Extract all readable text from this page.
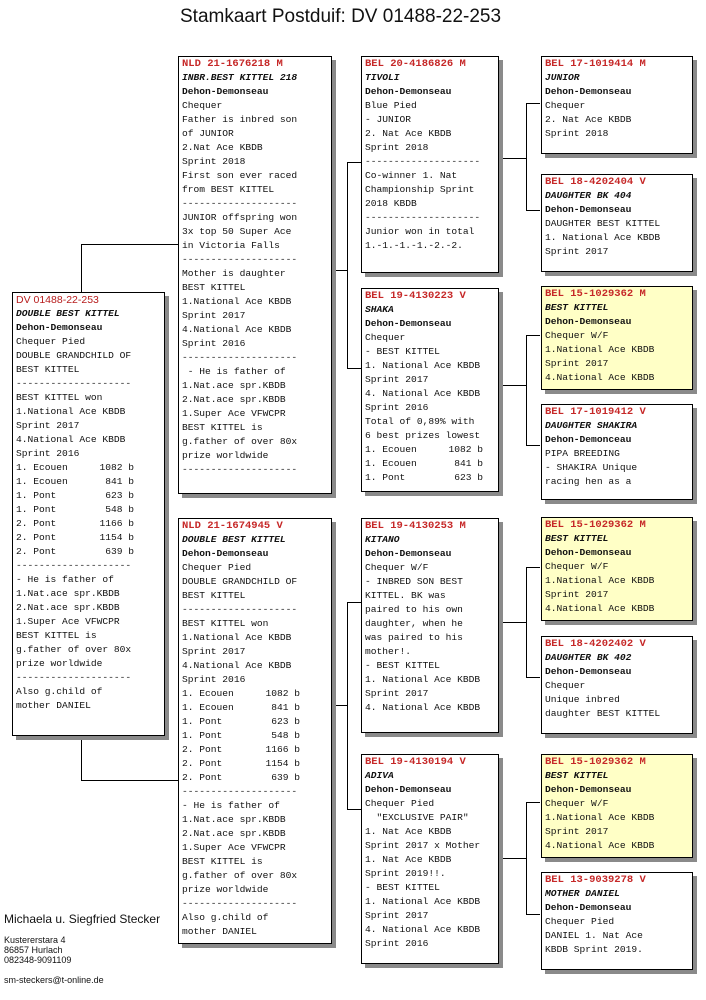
Stamkaart Postduif: DV 01488-22-253
DV 01488-22-253
DOUBLE BEST KITTEL
Dehon-Demonseau
Chequer Pied
DOUBLE GRANDCHILD OF
BEST KITTEL
--------------------
BEST KITTEL won
1.National Ace KBDB
Sprint 2017
4.National Ace KBDB
Sprint 2016
1. Ecouen	1082 b
1. Ecouen	841 b
1. Pont	623 b
1. Pont	548 b
2. Pont	1166 b
2. Pont	1154 b
2. Pont	639 b
--------------------
- He is father of
1.Nat.ace spr.KBDB
2.Nat.ace spr.KBDB
1.Super Ace VFWCPR
BEST KITTEL is
g.father of over 80x
prize worldwide
--------------------
Also g.child of
mother DANIEL
NLD 21-1676218 M
INBR.BEST KITTEL 218
Dehon-Demonseau
Chequer
Father is inbred son
of JUNIOR
2.Nat Ace KBDB
Sprint 2018
First son ever raced
from BEST KITTEL
--------------------
JUNIOR offspring won
3x top 50 Super Ace
in Victoria Falls
--------------------
Mother is daughter
BEST KITTEL
1.National Ace KBDB
Sprint 2017
4.National Ace KBDB
Sprint 2016
--------------------
- He is father of
1.Nat.ace spr.KBDB
2.Nat.ace spr.KBDB
1.Super Ace VFWCPR
BEST KITTEL is
g.father of over 80x
prize worldwide
--------------------
NLD 21-1674945 V
DOUBLE BEST KITTEL
Dehon-Demonseau
Chequer Pied
DOUBLE GRANDCHILD OF
BEST KITTEL
--------------------
BEST KITTEL won
1.National Ace KBDB
Sprint 2017
4.National Ace KBDB
Sprint 2016
1. Ecouen	1082 b
1. Ecouen	841 b
1. Pont	623 b
1. Pont	548 b
2. Pont	1166 b
2. Pont	1154 b
2. Pont	639 b
--------------------
- He is father of
1.Nat.ace spr.KBDB
2.Nat.ace spr.KBDB
1.Super Ace VFWCPR
BEST KITTEL is
g.father of over 80x
prize worldwide
--------------------
Also g.child of
mother DANIEL
BEL 20-4186826 M
TIVOLI
Dehon-Demonseau
Blue Pied
- JUNIOR
2. Nat Ace KBDB
Sprint 2018
--------------------
Co-winner 1. Nat
Championship Sprint
2018 KBDB
--------------------
Junior won in total
1.-1.-1.-1.-2.-2.
BEL 19-4130223 V
SHAKA
Dehon-Demonseau
Chequer
- BEST KITTEL
1. National Ace KBDB
Sprint 2017
4. National Ace KBDB
Sprint 2016
Total of 0,89% with
6 best prizes lowest
1. Ecouen	1082 b
1. Ecouen	841 b
1. Pont	623 b
BEL 19-4130253 M
KITANO
Dehon-Demonseau
Chequer W/F
- INBRED SON BEST
KITTEL. BK was
paired to his own
daughter, when he
was paired to his
mother!.
- BEST KITTEL
1. National Ace KBDB
Sprint 2017
4. National Ace KBDB
BEL 19-4130194 V
ADIVA
Dehon-Demonseau
Chequer Pied
"EXCLUSIVE PAIR"
1. Nat Ace KBDB
Sprint 2017 x Mother
1. Nat Ace KBDB
Sprint 2019!!.
- BEST KITTEL
1. National Ace KBDB
Sprint 2017
4. National Ace KBDB
Sprint 2016
BEL 17-1019414 M
JUNIOR
Dehon-Demonseau
Chequer
2. Nat Ace KBDB
Sprint 2018
BEL 18-4202404 V
DAUGHTER BK 404
Dehon-Demonseau
DAUGHTER BEST KITTEL
1. National Ace KBDB
Sprint 2017
BEL 15-1029362 M
BEST KITTEL
Dehon-Demonseau
Chequer W/F
1.National Ace KBDB
Sprint 2017
4.National Ace KBDB
BEL 17-1019412 V
DAUGHTER SHAKIRA
Dehon-Demonceau
PIPA BREEDING
- SHAKIRA Unique
racing hen as a
BEL 15-1029362 M
BEST KITTEL
Dehon-Demonseau
Chequer W/F
1.National Ace KBDB
Sprint 2017
4.National Ace KBDB
BEL 18-4202402 V
DAUGHTER BK 402
Dehon-Demonseau
Chequer
Unique inbred
daughter BEST KITTEL
BEL 15-1029362 M
BEST KITTEL
Dehon-Demonseau
Chequer W/F
1.National Ace KBDB
Sprint 2017
4.National Ace KBDB
BEL 13-9039278 V
MOTHER DANIEL
Dehon-Demonseau
Chequer Pied
DANIEL 1. Nat Ace
KBDB Sprint 2019.
Michaela u. Siegfried Stecker
Kustererstara 4
86857 Hurlach
082348-9091109
sm-steckers@t-online.de
